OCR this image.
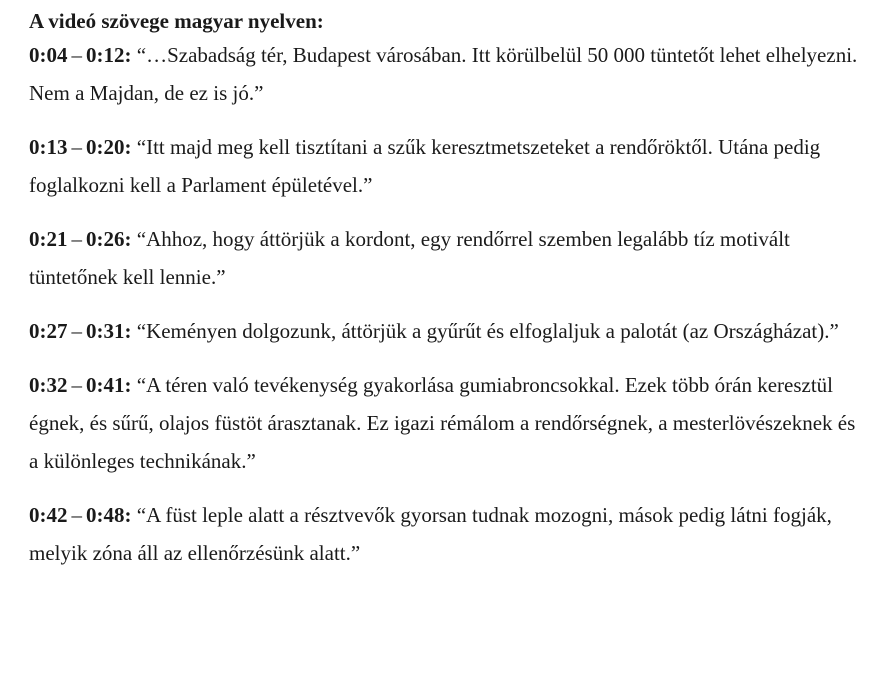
A videó szövege magyar nyelven:

0:04 – 0:12: “…Szabadság tér, Budapest városában. Itt körülbelül 50 000 tüntetőt lehet elhelyezni. Nem a Majdan, de ez is jó.”

0:13 – 0:20: “Itt majd meg kell tisztítani a szűk keresztmetszeteket a rendőröktől. Utána pedig foglalkozni kell a Parlament épületével.”

0:21 – 0:26: “Ahhoz, hogy áttörjük a kordont, egy rendőrrel szemben legalább tíz motivált tüntetőnek kell lennie.”

0:27 – 0:31: “Keményen dolgozunk, áttörjük a gyűrűt és elfoglaljuk a palotát (az Országházat).”

0:32 – 0:41: “A téren való tevékenység gyakorlása gumiabroncsokkal. Ezek több órán keresztül égnek, és sűrű, olajos füstöt árasztanak. Ez igazi rémálom a rendőrségnek, a mesterlövészeknek és a különleges technikának.”

0:42 – 0:48: “A füst leple alatt a résztvevők gyorsan tudnak mozogni, mások pedig látni fogják, melyik zóna áll az ellenőrzésünk alatt.”
